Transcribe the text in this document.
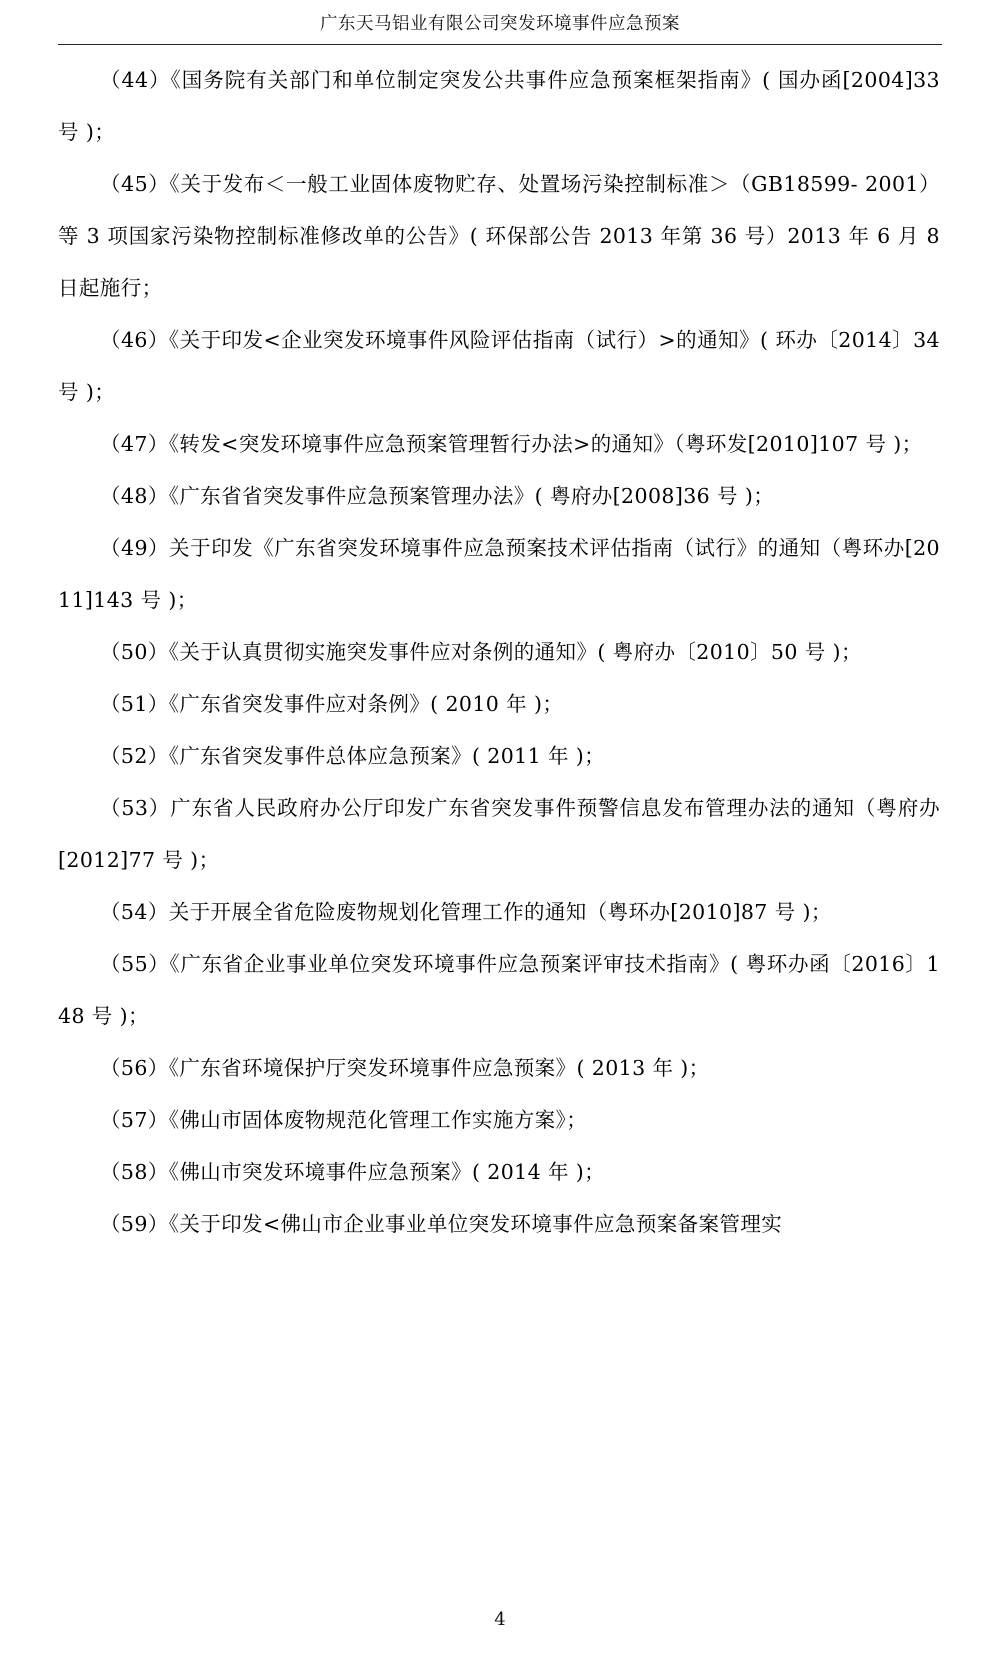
广东天马铝业有限公司突发环境事件应急预案

（44）《国务院有关部门和单位制定突发公共事件应急预案框架指南》( 国办函[2004]33 号 )；

（45）《关于发布＜一般工业固体废物贮存、处置场污染控制标准＞（GB18599- 2001）等 3 项国家污染物控制标准修改单的公告》( 环保部公告 2013 年第 36 号）2013 年 6 月 8 日起施行；

（46）《关于印发<企业突发环境事件风险评估指南（试行）>的通知》( 环办〔2014〕34 号 )；

（47）《转发<突发环境事件应急预案管理暂行办法>的通知》（粤环发[2010]107 号 )；

（48）《广东省省突发事件应急预案管理办法》( 粤府办[2008]36 号 )；

（49）关于印发《广东省突发环境事件应急预案技术评估指南（试行》的通知（粤环办[2011]143 号 )；

（50）《关于认真贯彻实施突发事件应对条例的通知》( 粤府办〔2010〕50 号 )；

（51）《广东省突发事件应对条例》( 2010 年 )；

（52）《广东省突发事件总体应急预案》( 2011 年 )；

（53）广东省人民政府办公厅印发广东省突发事件预警信息发布管理办法的通知（粤府办[2012]77 号 )；

（54）关于开展全省危险废物规划化管理工作的通知（粤环办[2010]87 号 )；

（55）《广东省企业事业单位突发环境事件应急预案评审技术指南》( 粤环办函〔2016〕148 号 )；

（56）《广东省环境保护厅突发环境事件应急预案》( 2013 年 )；

（57）《佛山市固体废物规范化管理工作实施方案》；

（58）《佛山市突发环境事件应急预案》( 2014 年 )；

（59）《关于印发<佛山市企业事业单位突发环境事件应急预案备案管理实

4
